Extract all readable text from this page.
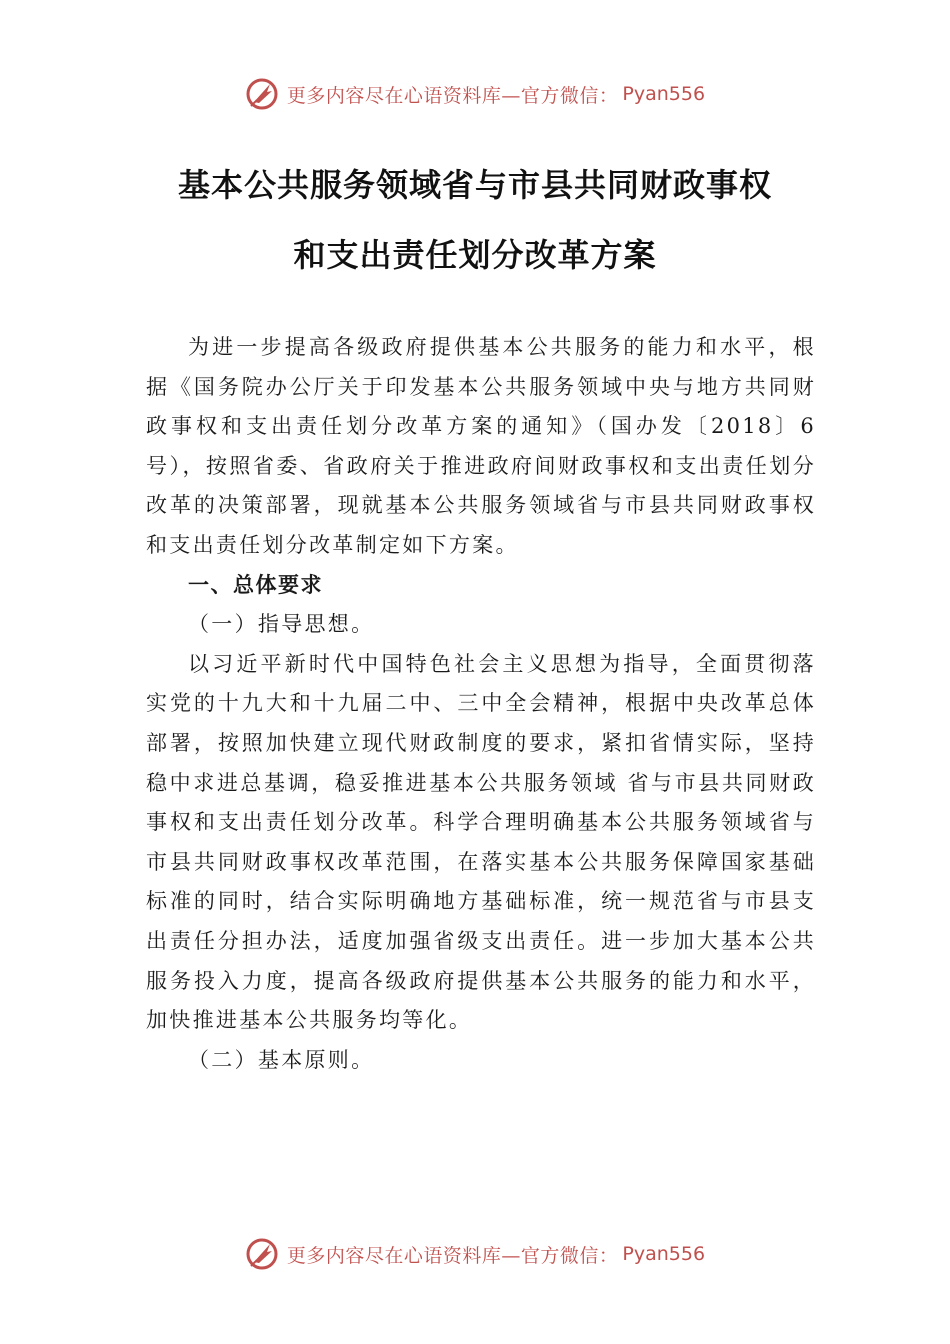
更多内容尽在心语资料库—官方微信： Pyan556
基本公共服务领域省与市县共同财政事权
和支出责任划分改革方案

为进一步提高各级政府提供基本公共服务的能力和水平，根据《国务院办公厅关于印发基本公共服务领域中央与地方共同财政事权和支出责任划分改革方案的通知》（国办发〔2018〕6号），按照省委、省政府关于推进政府间财政事权和支出责任划分改革的决策部署，现就基本公共服务领域省与市县共同财政事权和支出责任划分改革制定如下方案。

一、总体要求

（一）指导思想。

以习近平新时代中国特色社会主义思想为指导，全面贯彻落实党的十九大和十九届二中、三中全会精神，根据中央改革总体部署，按照加快建立现代财政制度的要求，紧扣省情实际，坚持稳中求进总基调，稳妥推进基本公共服务领域 省与市县共同财政事权和支出责任划分改革。科学合理明确基本公共服务领域省与市县共同财政事权改革范围，在落实基本公共服务保障国家基础标准的同时，结合实际明确地方基础标准，统一规范省与市县支出责任分担办法，适度加强省级支出责任。进一步加大基本公共服务投入力度，提高各级政府提供基本公共服务的能力和水平，加快推进基本公共服务均等化。

（二）基本原则。

更多内容尽在心语资料库—官方微信： Pyan556
